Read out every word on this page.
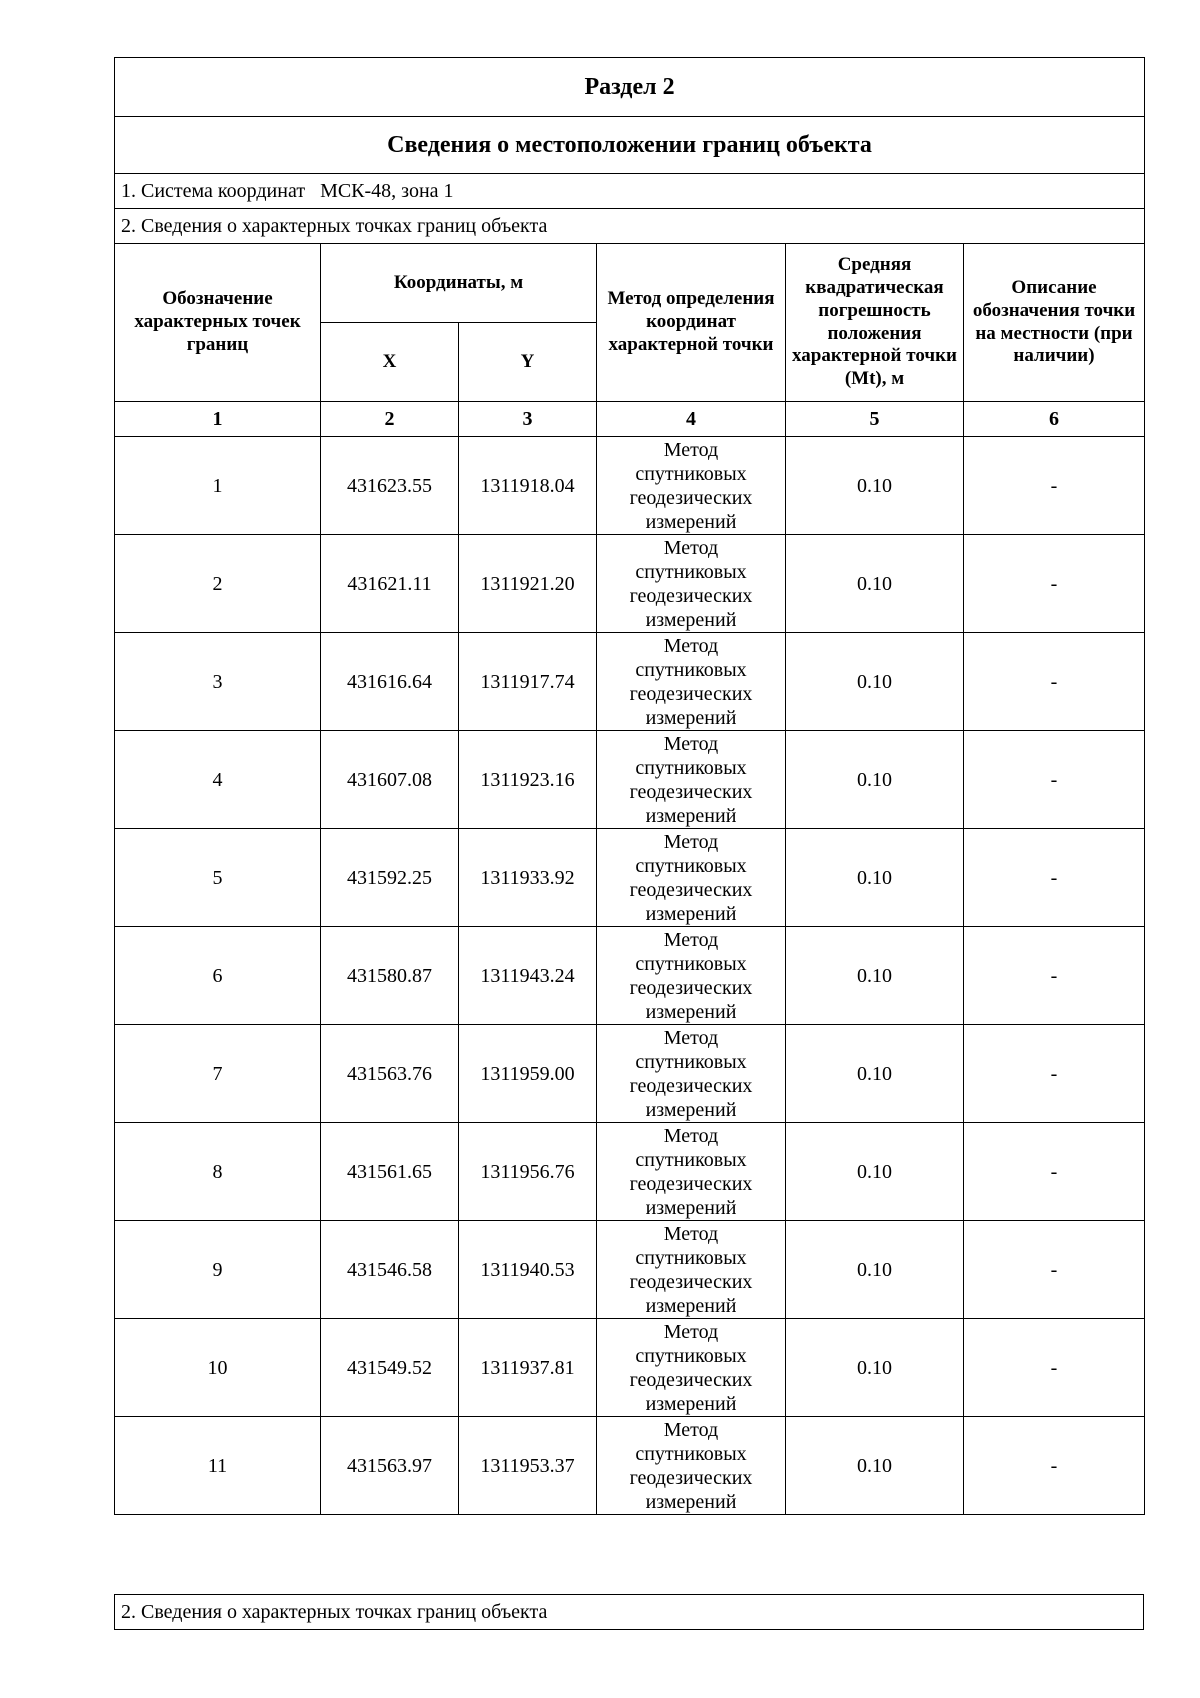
Раздел 2					
Сведения о местоположении границ объекта					
1. Система координат МСК-48, зона 1					
2. Сведения о характерных точках границ объекта					
Обозначение характерных точек границ	Координаты, м		Метод определения координат характерной точки	Средняя квадратическая погрешность положения характерной точки (Mt), м	Описание обозначения точки на местности (при наличии)
	X	Y			
1	2	3	4	5	6
1	431623.55	1311918.04	Метод
спутниковых
геодезических
измерений	0.10	-
2	431621.11	1311921.20	Метод
спутниковых
геодезических
измерений	0.10	-
3	431616.64	1311917.74	Метод
спутниковых
геодезических
измерений	0.10	-
4	431607.08	1311923.16	Метод
спутниковых
геодезических
измерений	0.10	-
5	431592.25	1311933.92	Метод
спутниковых
геодезических
измерений	0.10	-
6	431580.87	1311943.24	Метод
спутниковых
геодезических
измерений	0.10	-
7	431563.76	1311959.00	Метод
спутниковых
геодезических
измерений	0.10	-
8	431561.65	1311956.76	Метод
спутниковых
геодезических
измерений	0.10	-
9	431546.58	1311940.53	Метод
спутниковых
геодезических
измерений	0.10	-
10	431549.52	1311937.81	Метод
спутниковых
геодезических
измерений	0.10	-
11	431563.97	1311953.37	Метод
спутниковых
геодезических
измерений	0.10	-
2. Сведения о характерных точках границ объекта
